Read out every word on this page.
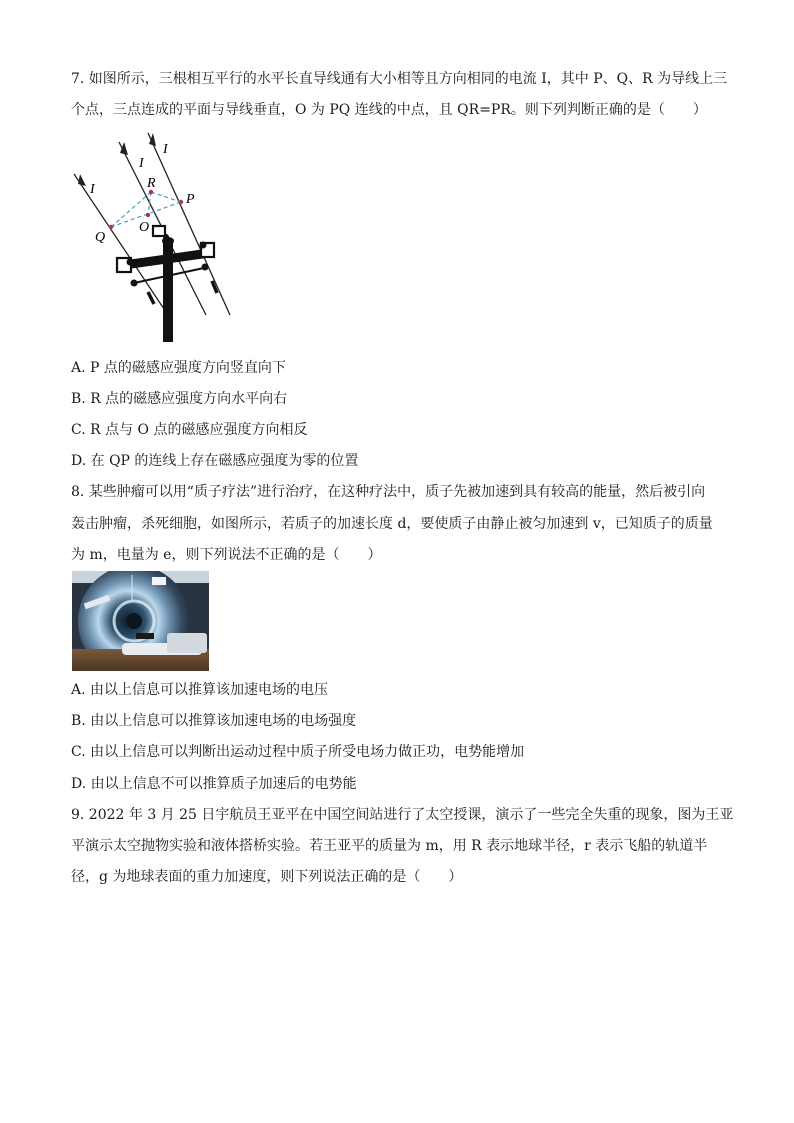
7. 如图所示，三根相互平行的水平长直导线通有大小相等且方向相同的电流 I，其中 P、Q、R 为导线上三
个点，三点连成的平面与导线垂直，O 为 PQ 连线的中点，且 QR=PR。则下列判断正确的是（　　）
I
I
I
R
P
Q
O
A. P 点的磁感应强度方向竖直向下
B. R 点的磁感应强度方向水平向右
C. R 点与 O 点的磁感应强度方向相反
D. 在 QP 的连线上存在磁感应强度为零的位置
8. 某些肿瘤可以用“质子疗法”进行治疗，在这种疗法中，质子先被加速到具有较高的能量，然后被引向
轰击肿瘤，杀死细胞，如图所示，若质子的加速长度 d，要使质子由静止被匀加速到 v，已知质子的质量
为 m，电量为 e，则下列说法不正确的是（　　）
A. 由以上信息可以推算该加速电场的电压
B. 由以上信息可以推算该加速电场的电场强度
C. 由以上信息可以判断出运动过程中质子所受电场力做正功，电势能增加
D. 由以上信息不可以推算质子加速后的电势能
9. 2022 年 3 月 25 日宇航员王亚平在中国空间站进行了太空授课，演示了一些完全失重的现象，图为王亚
平演示太空抛物实验和液体搭桥实验。若王亚平的质量为 m，用 R 表示地球半径，r 表示飞船的轨道半
径，g 为地球表面的重力加速度，则下列说法正确的是（　　）
